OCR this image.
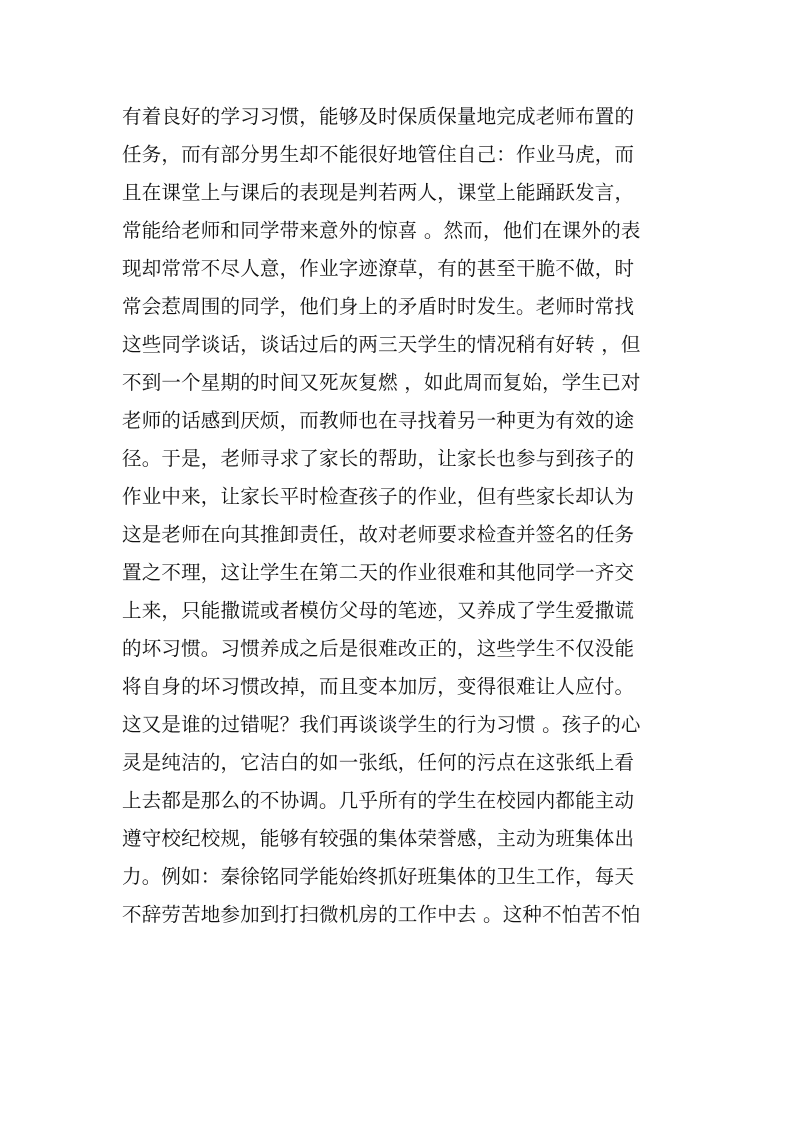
有着良好的学习习惯，能够及时保质保量地完成老师布置的

任务，而有部分男生却不能很好地管住自己：作业马虎，而

且在课堂上与课后的表现是判若两人，课堂上能踊跃发言，

常能给老师和同学带来意外的惊喜 。然而，他们在课外的表

现却常常不尽人意，作业字迹潦草，有的甚至干脆不做，时

常会惹周围的同学，他们身上的矛盾时时发生。老师时常找

这些同学谈话，谈话过后的两三天学生的情况稍有好转 ，但

不到一个星期的时间又死灰复燃 ，如此周而复始，学生已对

老师的话感到厌烦，而教师也在寻找着另一种更为有效的途

径。于是，老师寻求了家长的帮助，让家长也参与到孩子的

作业中来，让家长平时检查孩子的作业，但有些家长却认为

这是老师在向其推卸责任，故对老师要求检查并签名的任务

置之不理，这让学生在第二天的作业很难和其他同学一齐交

上来，只能撒谎或者模仿父母的笔迹，又养成了学生爱撒谎

的坏习惯。习惯养成之后是很难改正的，这些学生不仅没能

将自身的坏习惯改掉，而且变本加厉，变得很难让人应付。

这又是谁的过错呢？我们再谈谈学生的行为习惯 。孩子的心

灵是纯洁的，它洁白的如一张纸，任何的污点在这张纸上看

上去都是那么的不协调。几乎所有的学生在校园内都能主动

遵守校纪校规，能够有较强的集体荣誉感，主动为班集体出

力。例如：秦徐铭同学能始终抓好班集体的卫生工作，每天

不辞劳苦地参加到打扫微机房的工作中去 。这种不怕苦不怕
